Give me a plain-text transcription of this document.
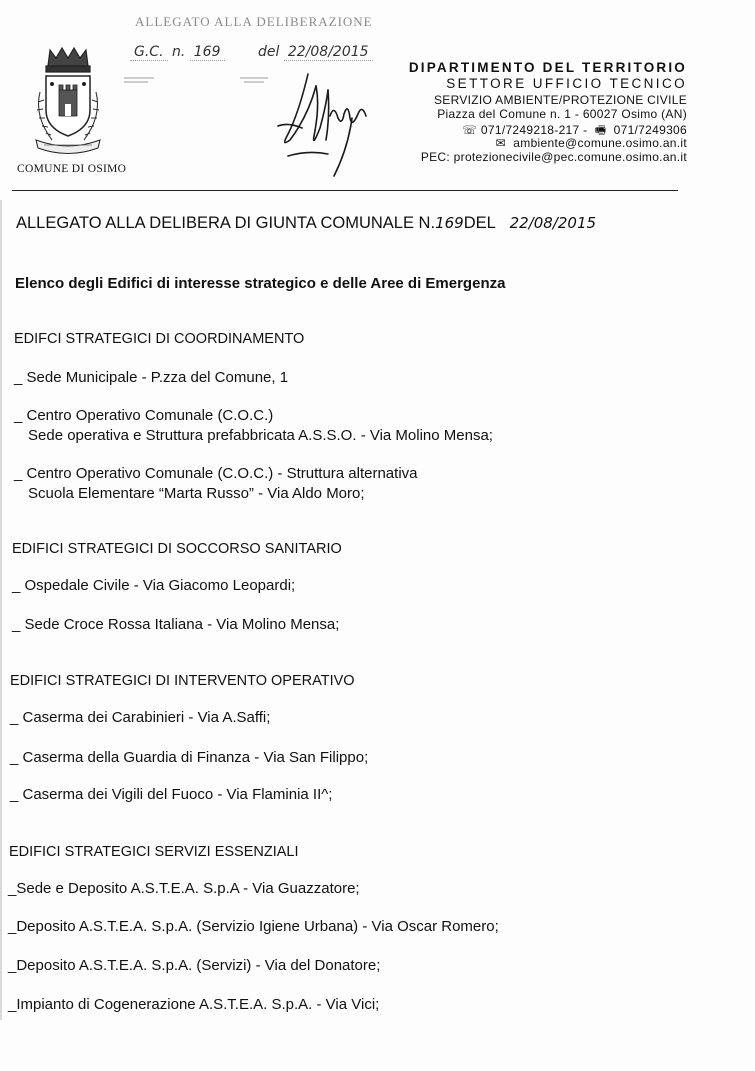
ALLEGATO ALLA DELIBERAZIONE
G.C. n. 169	del 22/08/2015
COMUNE DI OSIMO
DIPARTIMENTO DEL TERRITORIO
SETTORE UFFICIO TECNICO
SERVIZIO AMBIENTE/PROTEZIONE CIVILE
Piazza del Comune n. 1 - 60027 Osimo (AN)
☏ 071/7249218-217 -  🖷  071/7249306
✉  ambiente@comune.osimo.an.it
PEC: protezionecivile@pec.comune.osimo.an.it
ALLEGATO ALLA DELIBERA DI GIUNTA COMUNALE N.169DEL 22/08/2015
Elenco degli Edifici di interesse strategico e delle Aree di Emergenza
EDIFCI STRATEGICI DI COORDINAMENTO
_ Sede Municipale - P.zza del Comune, 1
_ Centro Operativo Comunale (C.O.C.)
Sede operativa e Struttura prefabbricata A.S.S.O. - Via Molino Mensa;
_ Centro Operativo Comunale (C.O.C.) - Struttura alternativa
Scuola Elementare “Marta Russo” - Via Aldo Moro;
EDIFICI STRATEGICI DI SOCCORSO SANITARIO
_ Ospedale Civile - Via Giacomo Leopardi;
_ Sede Croce Rossa Italiana - Via Molino Mensa;
EDIFICI STRATEGICI DI INTERVENTO OPERATIVO
_ Caserma dei Carabinieri - Via A.Saffi;
_ Caserma della Guardia di Finanza - Via San Filippo;
_ Caserma dei Vigili del Fuoco - Via Flaminia II^;
EDIFICI STRATEGICI SERVIZI ESSENZIALI
_Sede e Deposito A.S.T.E.A. S.p.A - Via Guazzatore;
_Deposito A.S.T.E.A. S.p.A. (Servizio Igiene Urbana) - Via Oscar Romero;
_Deposito A.S.T.E.A. S.p.A. (Servizi) - Via del Donatore;
_Impianto di Cogenerazione A.S.T.E.A. S.p.A. - Via Vici;
